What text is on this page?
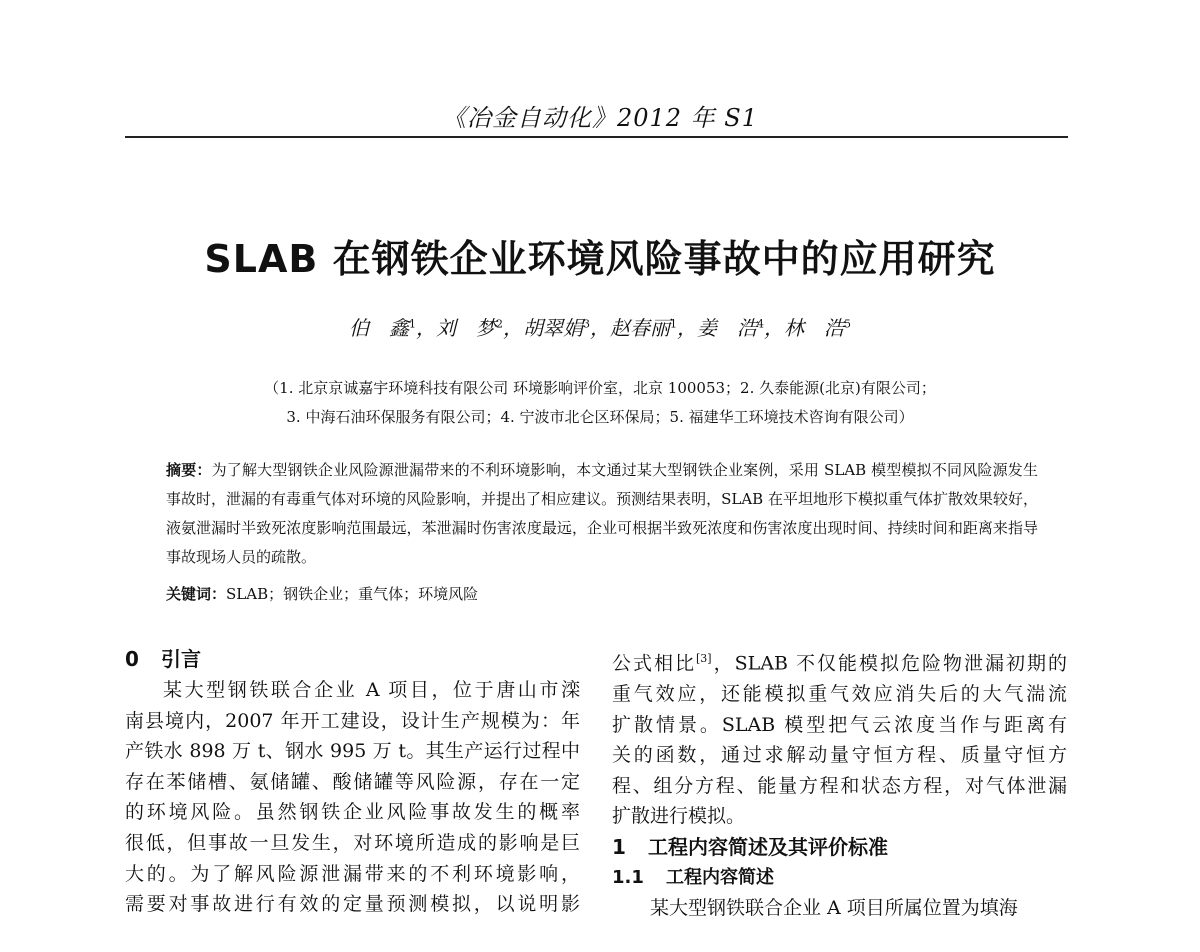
《冶金自动化》2012 年 S1
SLAB 在钢铁企业环境风险事故中的应用研究
伯　鑫$^1$，刘　梦$^2$，胡翠娟$^3$，赵春丽$^1$，姜　浩$^4$，林　浩$^5$
（1. 北京京诚嘉宇环境科技有限公司 环境影响评价室，北京 100053；2. 久泰能源(北京)有限公司；
3. 中海石油环保服务有限公司；4. 宁波市北仑区环保局；5. 福建华工环境技术咨询有限公司）
摘要：为了解大型钢铁企业风险源泄漏带来的不利环境影响，本文通过某大型钢铁企业案例，采用 SLAB 模型模拟不同风险源发生事故时，泄漏的有毒重气体对环境的风险影响，并提出了相应建议。预测结果表明，SLAB 在平坦地形下模拟重气体扩散效果较好，液氨泄漏时半致死浓度影响范围最远，苯泄漏时伤害浓度最远，企业可根据半致死浓度和伤害浓度出现时间、持续时间和距离来指导事故现场人员的疏散。
关键词：SLAB；钢铁企业；重气体；环境风险
0 引言

某大型钢铁联合企业 A 项目，位于唐山市滦

南县境内，2007 年开工建设，设计生产规模为：年

产铁水 898 万 t、钢水 995 万 t。其生产运行过程中

存在苯储槽、氨储罐、酸储罐等风险源，存在一定

的环境风险。虽然钢铁企业风险事故发生的概率

很低，但事故一旦发生，对环境所造成的影响是巨

大的。为了解风险源泄漏带来的不利环境影响，

需要对事故进行有效的定量预测模拟，以说明影

公式相比[3]，SLAB 不仅能模拟危险物泄漏初期的

重气效应，还能模拟重气效应消失后的大气湍流

扩散情景。SLAB 模型把气云浓度当作与距离有

关的函数，通过求解动量守恒方程、质量守恒方

程、组分方程、能量方程和状态方程，对气体泄漏

扩散进行模拟。

1 工程内容简述及其评价标准
1.1 工程内容简述

某大型钢铁联合企业 A 项目所属位置为填海
